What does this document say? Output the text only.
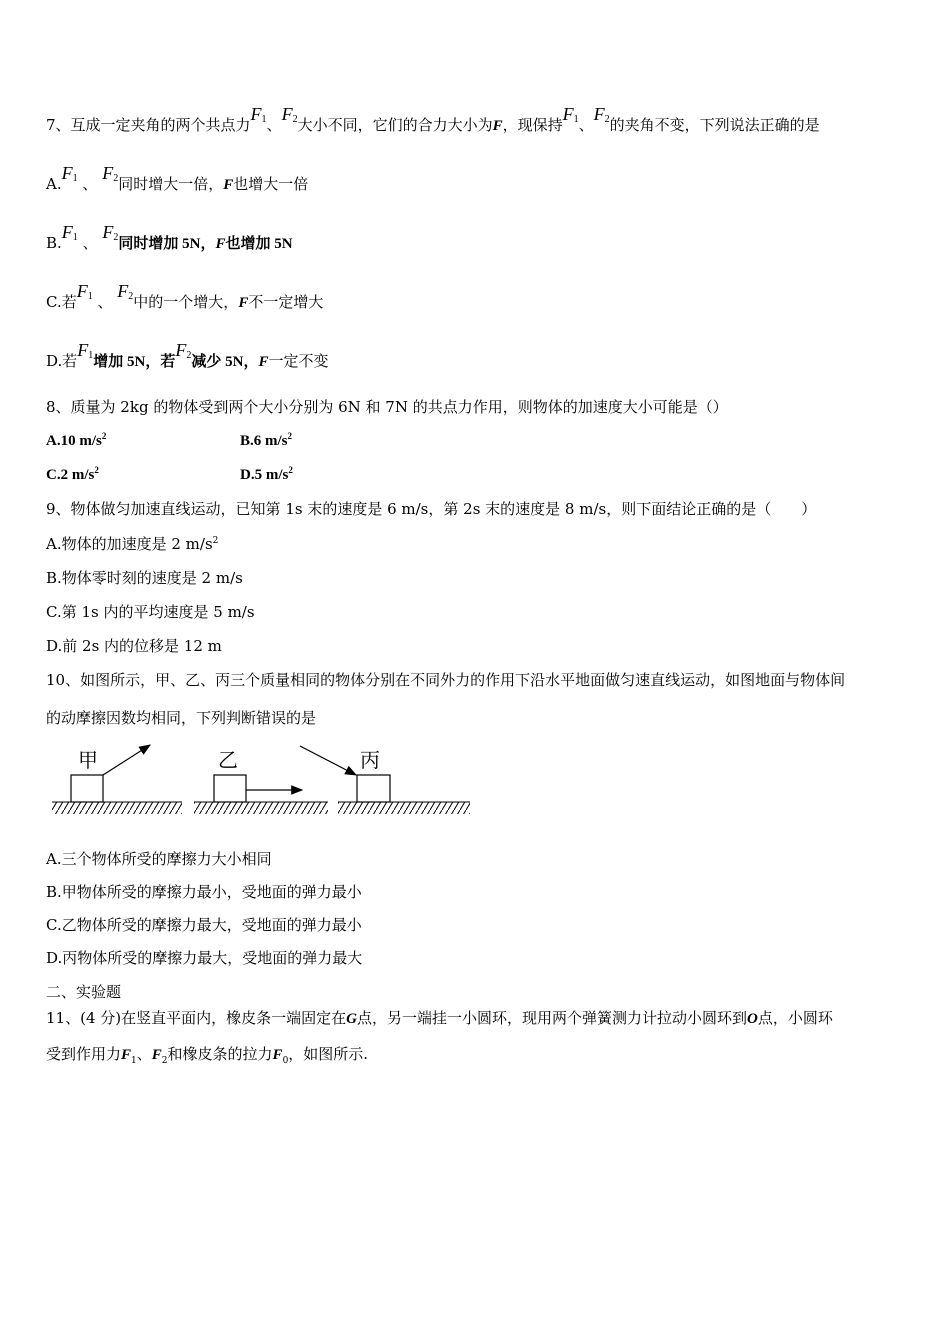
7、互成一定夹角的两个共点力$F_1$、$F_2$大小不同，它们的合力大小为F，现保持$F_1$、$F_2$的夹角不变，下列说法正确的是
$A.F_1$ 、 $F_2$同时增大一倍，F也增大一倍
$B.F_1$ 、 $F_2$同时增加 5N，F也增加 5N
C.若$F_1$ 、 $F_2$中的一个增大，F不一定增大
D.若$F_1$增加 5N，若$F_2$减少 5N，F一定不变
8、质量为 2kg 的物体受到两个大小分别为 6N 和 7N 的共点力作用，则物体的加速度大小可能是（）
A.10 $m/s^2$	B.6 $m/s^2$
C.2 $m/s^2$	D.5 $m/s^2$
9、物体做匀加速直线运动，已知第 1s 末的速度是 6 m/s，第 2s 末的速度是 8 m/s，则下面结论正确的是（　　）
A.物体的加速度是 2 $m/s^2$
B.物体零时刻的速度是 2 m/s
C.第 1s 内的平均速度是 5 m/s
D.前 2s 内的位移是 12 m
10、如图所示，甲、乙、丙三个质量相同的物体分别在不同外力的作用下沿水平地面做匀速直线运动，如图地面与物体间
的动摩擦因数均相同，下列判断错误的是
甲	乙	丙
A.三个物体所受的摩擦力大小相同
B.甲物体所受的摩擦力最小，受地面的弹力最小
C.乙物体所受的摩擦力最大，受地面的弹力最小
D.丙物体所受的摩擦力最大，受地面的弹力最大
二、实验题
11、(4 分)在竖直平面内，橡皮条一端固定在G点，另一端挂一小圆环，现用两个弹簧测力计拉动小圆环到O点，小圆环
受到作用力$F_1$、$F_2$和橡皮条的拉力$F_0$，如图所示.
